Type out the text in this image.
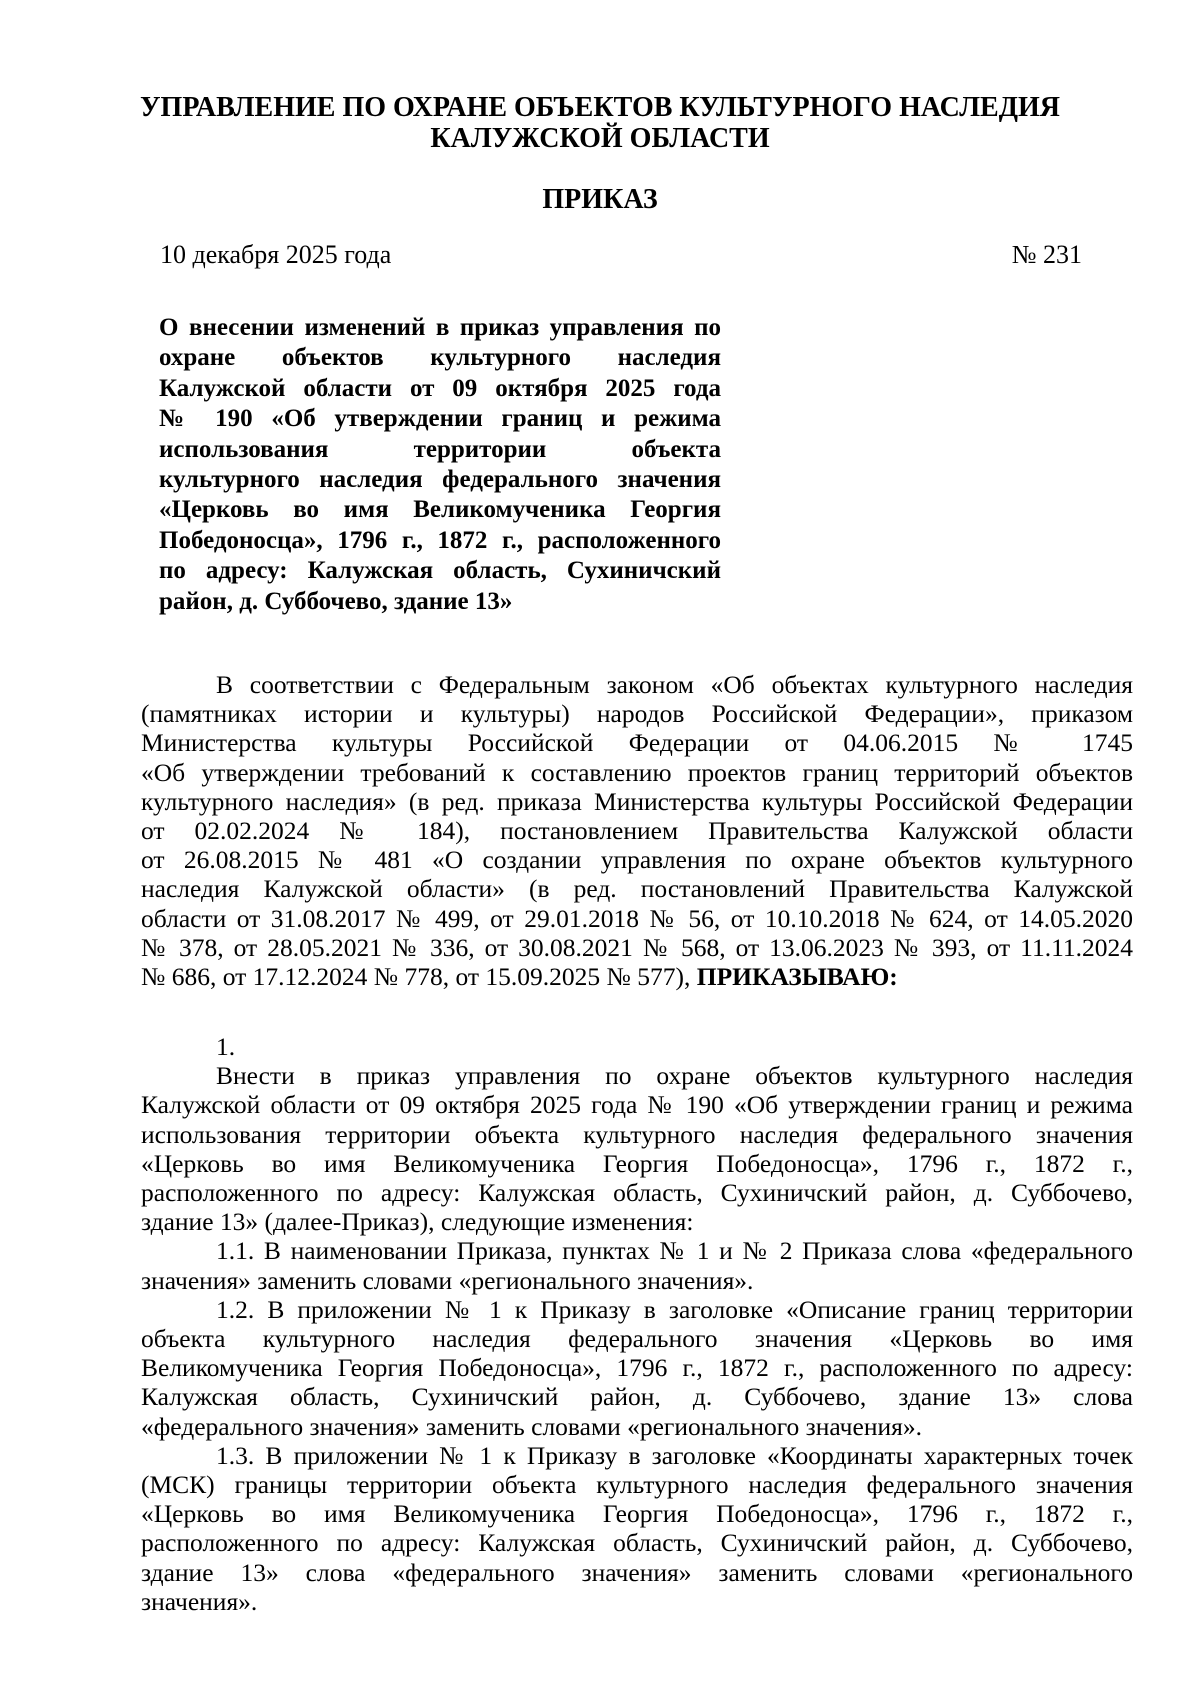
УПРАВЛЕНИЕ ПО ОХРАНЕ ОБЪЕКТОВ КУЛЬТУРНОГО НАСЛЕДИЯ
КАЛУЖСКОЙ ОБЛАСТИ
ПРИКАЗ
10 декабря 2025 года	№ 231
О внесении изменений в приказ управления по
охране объектов культурного наследия
Калужской области от 09 октября 2025 года
№ 190 «Об утверждении границ и режима
использования территории объекта
культурного наследия федерального значения
«Церковь во имя Великомученика Георгия
Победоносца», 1796 г., 1872 г., расположенного
по адресу: Калужская область, Сухиничский
район, д. Суббочево, здание 13»
В соответствии с Федеральным законом «Об объектах культурного наследия
(памятниках истории и культуры) народов Российской Федерации», приказом
Министерства культуры Российской Федерации от 04.06.2015 № 1745
«Об утверждении требований к составлению проектов границ территорий объектов
культурного наследия» (в ред. приказа Министерства культуры Российской Федерации
от 02.02.2024 № 184), постановлением Правительства Калужской области
от 26.08.2015 № 481 «О создании управления по охране объектов культурного
наследия Калужской области» (в ред. постановлений Правительства Калужской
области от 31.08.2017 № 499, от 29.01.2018 № 56, от 10.10.2018 № 624, от 14.05.2020
№ 378, от 28.05.2021 № 336, от 30.08.2021 № 568, от 13.06.2023 № 393, от 11.11.2024
№ 686, от 17.12.2024 № 778, от 15.09.2025 № 577), ПРИКАЗЫВАЮ:
1.
Внести в приказ управления по охране объектов культурного наследия
Калужской области от 09 октября 2025 года № 190 «Об утверждении границ и режима
использования территории объекта культурного наследия федерального значения
«Церковь во имя Великомученика Георгия Победоносца», 1796 г., 1872 г.,
расположенного по адресу: Калужская область, Сухиничский район, д. Суббочево,
здание 13» (далее-Приказ), следующие изменения:
1.1. В наименовании Приказа, пунктах № 1 и № 2 Приказа слова «федерального
значения» заменить словами «регионального значения».
1.2. В приложении № 1 к Приказу в заголовке «Описание границ территории
объекта культурного наследия федерального значения «Церковь во имя
Великомученика Георгия Победоносца», 1796 г., 1872 г., расположенного по адресу:
Калужская область, Сухиничский район, д. Суббочево, здание 13» слова
«федерального значения» заменить словами «регионального значения».
1.3. В приложении № 1 к Приказу в заголовке «Координаты характерных точек
(МСК) границы территории объекта культурного наследия федерального значения
«Церковь во имя Великомученика Георгия Победоносца», 1796 г., 1872 г.,
расположенного по адресу: Калужская область, Сухиничский район, д. Суббочево,
здание 13» слова «федерального значения» заменить словами «регионального
значения».
